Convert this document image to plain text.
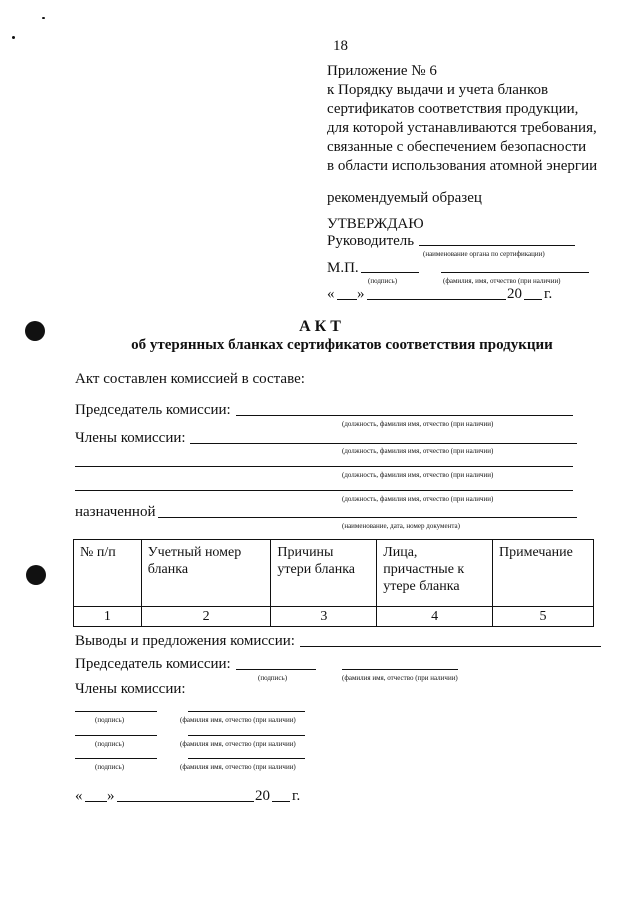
18
Приложение № 6
к Порядку выдачи и учета бланков
сертификатов соответствия продукции,
для которой устанавливаются требования,
связанные с обеспечением безопасности
в области использования атомной энергии
рекомендуемый образец
УТВЕРЖДАЮ
Руководитель
(наименование органа по сертификации)
М.П.
(подпись)	(фамилия, имя, отчество (при наличии)
« »	20 г.
А К Т
об утерянных бланках сертификатов соответствия продукции
Акт составлен комиссией в составе:
Председатель комиссии:
(должность, фамилия имя, отчество (при наличии)
Члены комиссии:
(должность, фамилия имя, отчество (при наличии)
(должность, фамилия имя, отчество (при наличии)
(должность, фамилия имя, отчество (при наличии)
назначенной
(наименование, дата, номер документа)
№ п/п	Учетный номер бланка	Причины утери бланка	Лица, причастные к утере бланка	Примечание
1	2	3	4	5
Выводы и предложения комиссии:
Председатель комиссии:
(подпись)	(фамилия имя, отчество (при наличии)
Члены комиссии:
(подпись)	(фамилия имя, отчество (при наличии)
(подпись)	(фамилия имя, отчество (при наличии)
(подпись)	(фамилия имя, отчество (при наличии)
« »	20 г.
